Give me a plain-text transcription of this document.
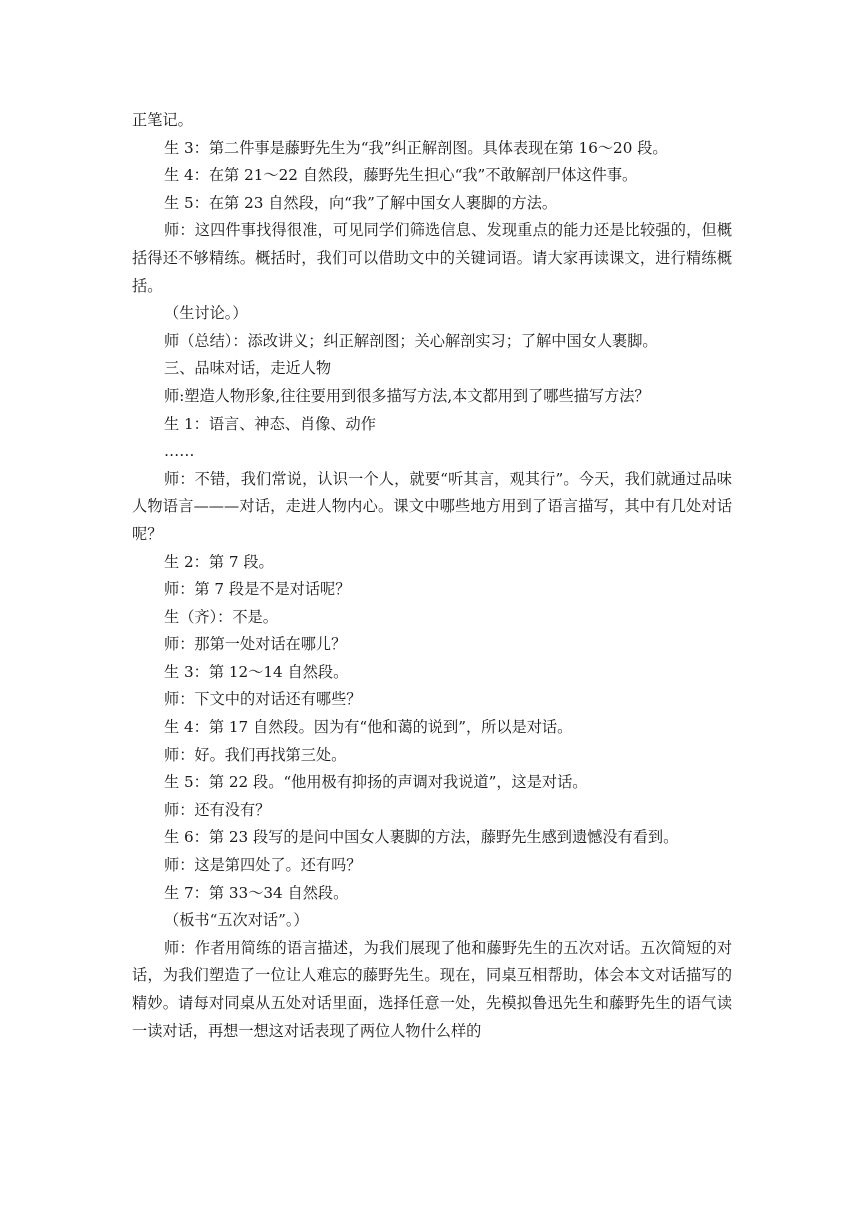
正笔记。

生 3：第二件事是藤野先生为“我”纠正解剖图。具体表现在第 16～20 段。

生 4：在第 21～22 自然段，藤野先生担心“我”不敢解剖尸体这件事。

生 5：在第 23 自然段，向“我”了解中国女人裹脚的方法。

师：这四件事找得很准，可见同学们筛选信息、发现重点的能力还是比较强的，但概括得还不够精练。概括时，我们可以借助文中的关键词语。请大家再读课文，进行精练概括。

（生讨论。）

师（总结）：添改讲义；纠正解剖图；关心解剖实习；了解中国女人裹脚。

三、品味对话，走近人物

师:塑造人物形象,往往要用到很多描写方法,本文都用到了哪些描写方法？

生 1：语言、神态、肖像、动作

……

师：不错，我们常说，认识一个人，就要“听其言，观其行”。今天，我们就通过品味人物语言———对话，走进人物内心。课文中哪些地方用到了语言描写，其中有几处对话呢？

生 2：第 7 段。

师：第 7 段是不是对话呢？

生（齐）：不是。

师：那第一处对话在哪儿？

生 3：第 12～14 自然段。

师：下文中的对话还有哪些？

生 4：第 17 自然段。因为有“他和蔼的说到”，所以是对话。

师：好。我们再找第三处。

生 5：第 22 段。“他用极有抑扬的声调对我说道”，这是对话。

师：还有没有？

生 6：第 23 段写的是问中国女人裹脚的方法，藤野先生感到遗憾没有看到。

师：这是第四处了。还有吗？

生 7：第 33～34 自然段。

（板书“五次对话”。）

师：作者用简练的语言描述，为我们展现了他和藤野先生的五次对话。五次简短的对话，为我们塑造了一位让人难忘的藤野先生。现在，同桌互相帮助，体会本文对话描写的精妙。请每对同桌从五处对话里面，选择任意一处，先模拟鲁迅先生和藤野先生的语气读一读对话，再想一想这对话表现了两位人物什么样的
